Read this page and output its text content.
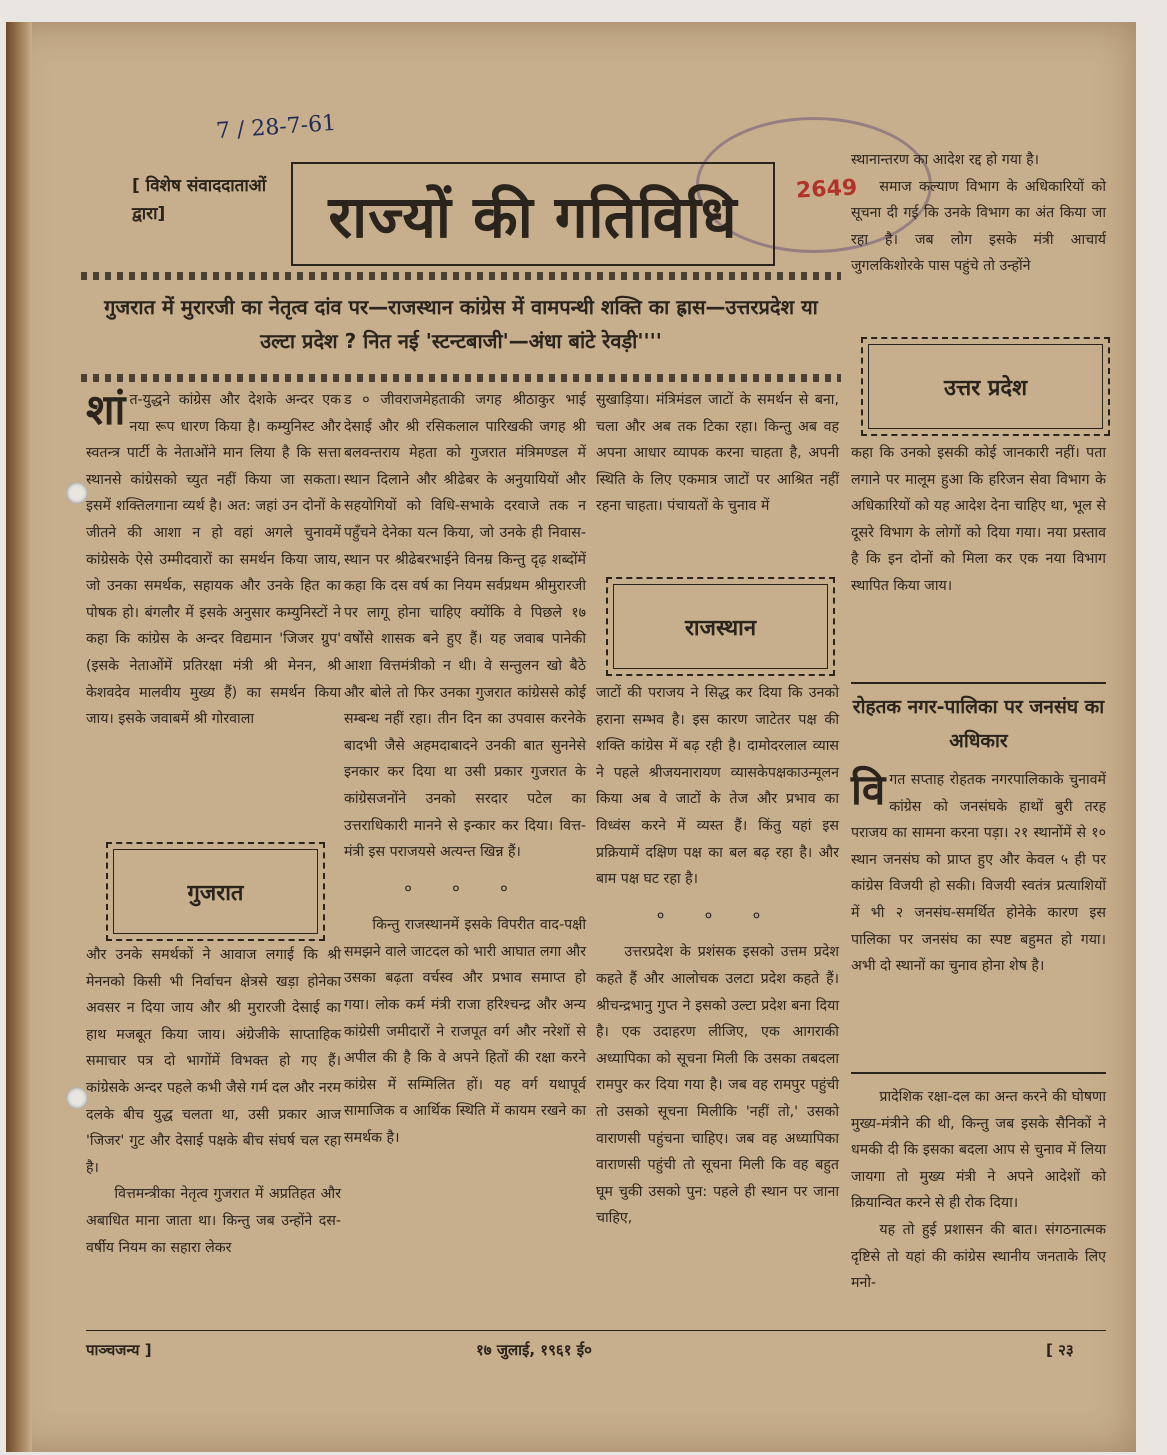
7 / 28-7-61
2649
[ विशेष संवाददाताओं द्वारा]	राज्यों की गतिविधि
गुजरात में मुरारजी का नेतृत्व दांव पर—राजस्थान कांग्रेस में वामपन्थी शक्ति का ह्रास—उत्तरप्रदेश या उल्टा प्रदेश ? नित नई 'स्टन्टबाजी'—अंधा बांटे रेवड़ी''''
शां त-युद्धने कांग्रेस और देशके अन्दर एक नया रूप धारण किया है। कम्युनिस्ट और स्वतन्त्र पार्टी के नेताओंने मान लिया है कि सत्ता स्थानसे कांग्रेसको च्युत नहीं किया जा सकता। इसमें शक्तिलगाना व्यर्थ है। अत: जहां उन दोनों के जीतने की आशा न हो वहां अगले चुनावमें कांग्रेसके ऐसे उम्मीदवारों का समर्थन किया जाय, जो उनका समर्थक, सहायक और उनके हित का पोषक हो। बंगलौर में इसके अनुसार कम्युनिस्टों ने कहा कि कांग्रेस के अन्दर विद्यमान 'जिजर ग्रुप' (इसके नेताओंमें प्रतिरक्षा मंत्री श्री मेनन, श्री केशवदेव मालवीय मुख्य हैं) का समर्थन किया जाय। इसके जवाबमें श्री गोरवाला

गुजरात

और उनके समर्थकों ने आवाज लगाई कि श्री मेननको किसी भी निर्वाचन क्षेत्रसे खड़ा होनेका अवसर न दिया जाय और श्री मुरारजी देसाई का हाथ मजबूत किया जाय। अंग्रेजीके साप्ताहिक समाचार पत्र दो भागोंमें विभक्त हो गए हैं। कांग्रेसके अन्दर पहले कभी जैसे गर्म दल और नरम दलके बीच युद्ध चलता था, उसी प्रकार आज 'जिजर' गुट और देसाई पक्षके बीच संघर्ष चल रहा है।

वित्तमन्त्रीका नेतृत्व गुजरात में अप्रतिहत और अबाधित माना जाता था। किन्तु जब उन्होंने दस-वर्षीय नियम का सहारा लेकर

ड ० जीवराजमेहताकी जगह श्रीठाकुर भाई देसाई और श्री रसिकलाल पारिखकी जगह श्री बलवन्तराय मेहता को गुजरात मंत्रिमण्डल में स्थान दिलाने और श्रीढेबर के अनुयायियों और सहयोगियों को विधि-सभाके दरवाजे तक न पहुँचने देनेका यत्न किया, जो उनके ही निवास-स्थान पर श्रीढेबरभाईने विनम्र किन्तु दृढ़ शब्दोंमें कहा कि दस वर्ष का नियम सर्वप्रथम श्रीमुरारजी पर लागू होना चाहिए क्योंकि वे पिछले १७ वर्षोंसे शासक बने हुए हैं। यह जवाब पानेकी आशा वित्तमंत्रीको न थी। वे सन्तुलन खो बैठे और बोले तो फिर उनका गुजरात कांग्रेससे कोई सम्बन्ध नहीं रहा। तीन दिन का उपवास करनेके बादभी जैसे अहमदाबादने उनकी बात सुननेसे इनकार कर दिया था उसी प्रकार गुजरात के कांग्रेसजनोंने उनको सरदार पटेल का उत्तराधिकारी मानने से इन्कार कर दिया। वित्त-मंत्री इस पराजयसे अत्यन्त खिन्न हैं।

० ० ०

किन्तु राजस्थानमें इसके विपरीत वाद-पक्षी समझने वाले जाटदल को भारी आघात लगा और उसका बढ़ता वर्चस्व और प्रभाव समाप्त हो गया। लोक कर्म मंत्री राजा हरिश्चन्द्र और अन्य कांग्रेसी जमीदारों ने राजपूत वर्ग और नरेशों से अपील की है कि वे अपने हितों की रक्षा करने कांग्रेस में सम्मिलित हों। यह वर्ग यथापूर्व सामाजिक व आर्थिक स्थिति में कायम रखने का समर्थक है।

सुखाड़िया। मंत्रिमंडल जाटों के समर्थन से बना, चला और अब तक टिका रहा। किन्तु अब वह अपना आधार व्यापक करना चाहता है, अपनी स्थिति के लिए एकमात्र जाटों पर आश्रित नहीं रहना चाहता। पंचायतों के चुनाव में

राजस्थान

जाटों की पराजय ने सिद्ध कर दिया कि उनको हराना सम्भव है। इस कारण जाटेतर पक्ष की शक्ति कांग्रेस में बढ़ रही है। दामोदरलाल व्यास ने पहले श्रीजयनारायण व्यासकेपक्षकाउन्मूलन किया अब वे जाटों के तेज और प्रभाव का विध्वंस करने में व्यस्त हैं। किंतु यहां इस प्रक्रियामें दक्षिण पक्ष का बल बढ़ रहा है। और बाम पक्ष घट रहा है।

० ० ०

उत्तरप्रदेश के प्रशंसक इसको उत्तम प्रदेश कहते हैं और आलोचक उलटा प्रदेश कहते हैं। श्रीचन्द्रभानु गुप्त ने इसको उल्टा प्रदेश बना दिया है। एक उदाहरण लीजिए, एक आगराकी अध्यापिका को सूचना मिली कि उसका तबदला रामपुर कर दिया गया है। जब वह रामपुर पहुंची तो उसको सूचना मिलीकि 'नहीं तो,' उसको वाराणसी पहुंचना चाहिए। जब वह अध्यापिका वाराणसी पहुंची तो सूचना मिली कि वह बहुत घूम चुकी उसको पुन: पहले ही स्थान पर जाना चाहिए,

स्थानान्तरण का आदेश रद्द हो गया है।

समाज कल्याण विभाग के अधिकारियों को सूचना दी गई कि उनके विभाग का अंत किया जा रहा है। जब लोग इसके मंत्री आचार्य जुगलकिशोरके पास पहुंचे तो उन्होंने

उत्तर प्रदेश

कहा कि उनको इसकी कोई जानकारी नहीं। पता लगाने पर मालूम हुआ कि हरिजन सेवा विभाग के अधिकारियों को यह आदेश देना चाहिए था, भूल से दूसरे विभाग के लोगों को दिया गया। नया प्रस्ताव है कि इन दोनों को मिला कर एक नया विभाग स्थापित किया जाय।

रोहतक नगर-पालिका पर जनसंघ का अधिकार
वि गत सप्ताह रोहतक नगरपालिकाके चुनावमें कांग्रेस को जनसंघके हाथों बुरी तरह पराजय का सामना करना पड़ा। २१ स्थानोंमें से १० स्थान जनसंघ को प्राप्त हुए और केवल ५ ही पर कांग्रेस विजयी हो सकी। विजयी स्वतंत्र प्रत्याशियों में भी २ जनसंघ-समर्थित होनेके कारण इस पालिका पर जनसंघ का स्पष्ट बहुमत हो गया। अभी दो स्थानों का चुनाव होना शेष है।

प्रादेशिक रक्षा-दल का अन्त करने की घोषणा मुख्य-मंत्रीने की थी, किन्तु जब इसके सैनिकों ने धमकी दी कि इसका बदला आप से चुनाव में लिया जायगा तो मुख्य मंत्री ने अपने आदेशों को क्रियान्वित करने से ही रोक दिया।

यह तो हुई प्रशासन की बात। संगठनात्मक दृष्टिसे तो यहां की कांग्रेस स्थानीय जनताके लिए मनो-

पाञ्चजन्य ]	१७ जुलाई, १९६१ ई०	[ २३
